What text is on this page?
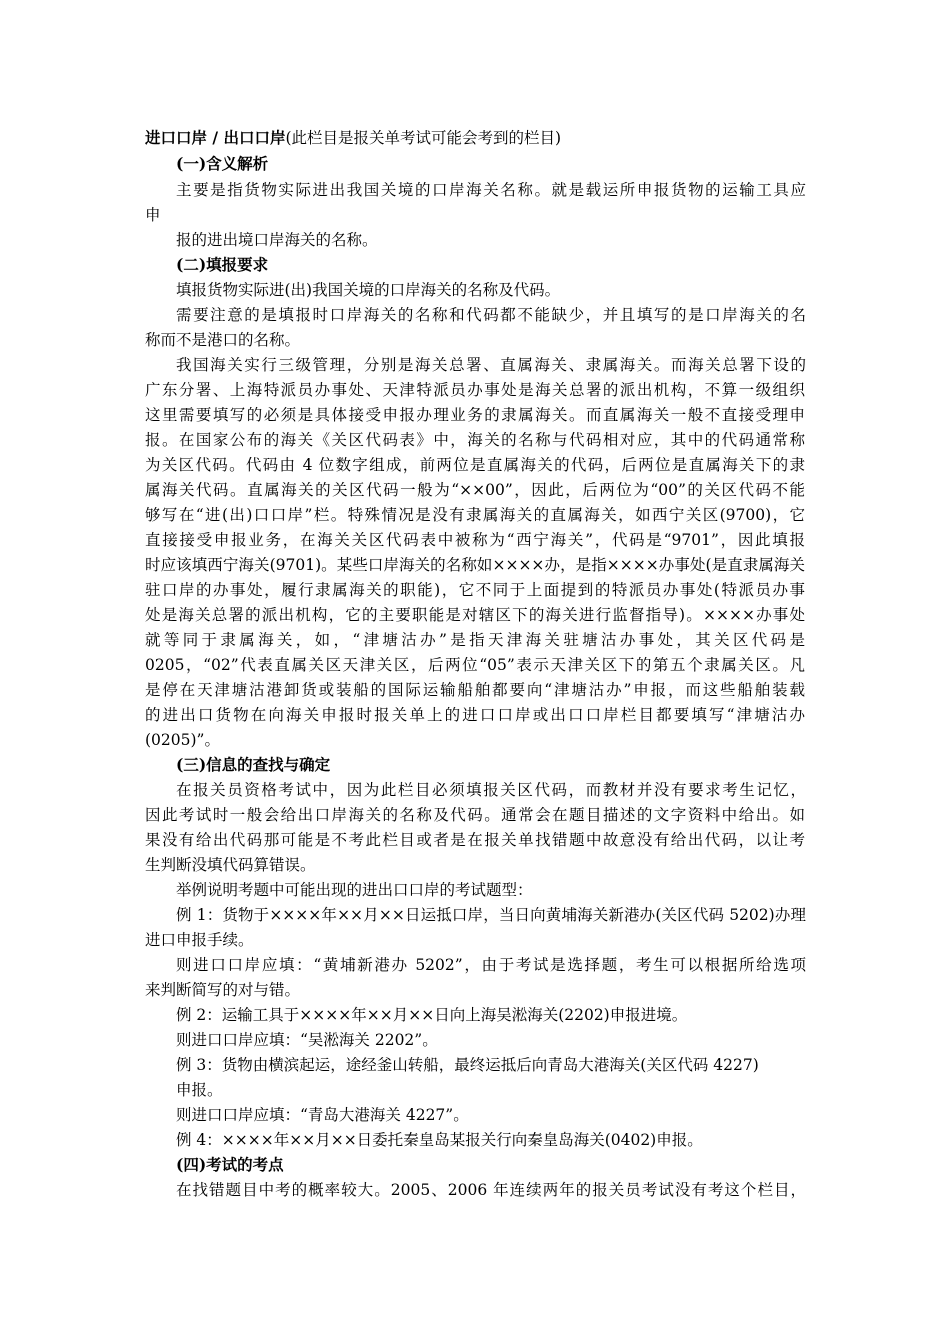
进口口岸 / 出口口岸(此栏目是报关单考试可能会考到的栏目)
(一)含义解析
主要是指货物实际进出我国关境的口岸海关名称。就是载运所申报货物的运输工具应
申
报的进出境口岸海关的名称。
(二)填报要求
填报货物实际进(出)我国关境的口岸海关的名称及代码。
需要注意的是填报时口岸海关的名称和代码都不能缺少，并且填写的是口岸海关的名
称而不是港口的名称。
我国海关实行三级管理，分别是海关总署、直属海关、隶属海关。而海关总署下设的
广东分署、上海特派员办事处、天津特派员办事处是海关总署的派出机构，不算一级组织
这里需要填写的必须是具体接受申报办理业务的隶属海关。而直属海关一般不直接受理申
报。在国家公布的海关《关区代码表》中，海关的名称与代码相对应，其中的代码通常称
为关区代码。代码由 4 位数字组成，前两位是直属海关的代码，后两位是直属海关下的隶
属海关代码。直属海关的关区代码一般为“××00”，因此，后两位为“00”的关区代码不能
够写在“进(出)口口岸”栏。特殊情况是没有隶属海关的直属海关，如西宁关区(9700)，它
直接接受申报业务，在海关关区代码表中被称为“西宁海关”，代码是“9701”，因此填报
时应该填西宁海关(9701)。某些口岸海关的名称如××××办，是指××××办事处(是直隶属海关
驻口岸的办事处，履行隶属海关的职能)，它不同于上面提到的特派员办事处(特派员办事
处是海关总署的派出机构，它的主要职能是对辖区下的海关进行监督指导)。××××办事处
就等同于隶属海关，如，“津塘沽办”是指天津海关驻塘沽办事处，其关区代码是
0205，“02”代表直属关区天津关区，后两位“05”表示天津关区下的第五个隶属关区。凡
是停在天津塘沽港卸货或装船的国际运输船舶都要向“津塘沽办”申报，而这些船舶装载
的进出口货物在向海关申报时报关单上的进口口岸或出口口岸栏目都要填写“津塘沽办
(0205)”。
(三)信息的查找与确定
在报关员资格考试中，因为此栏目必须填报关区代码，而教材并没有要求考生记忆，
因此考试时一般会给出口岸海关的名称及代码。通常会在题目描述的文字资料中给出。如
果没有给出代码那可能是不考此栏目或者是在报关单找错题中故意没有给出代码，以让考
生判断没填代码算错误。
举例说明考题中可能出现的进出口口岸的考试题型：
例 1：货物于××××年××月××日运抵口岸，当日向黄埔海关新港办(关区代码 5202)办理
进口申报手续。
则进口口岸应填：“黄埔新港办 5202”，由于考试是选择题，考生可以根据所给选项
来判断简写的对与错。
例 2：运输工具于××××年××月××日向上海吴淞海关(2202)申报进境。
则进口口岸应填：“吴淞海关 2202”。
例 3：货物由横滨起运，途经釜山转船，最终运抵后向青岛大港海关(关区代码 4227)
申报。
则进口口岸应填：“青岛大港海关 4227”。
例 4：××××年××月××日委托秦皇岛某报关行向秦皇岛海关(0402)申报。
(四)考试的考点
在找错题目中考的概率较大。2005、2006 年连续两年的报关员考试没有考这个栏目，
